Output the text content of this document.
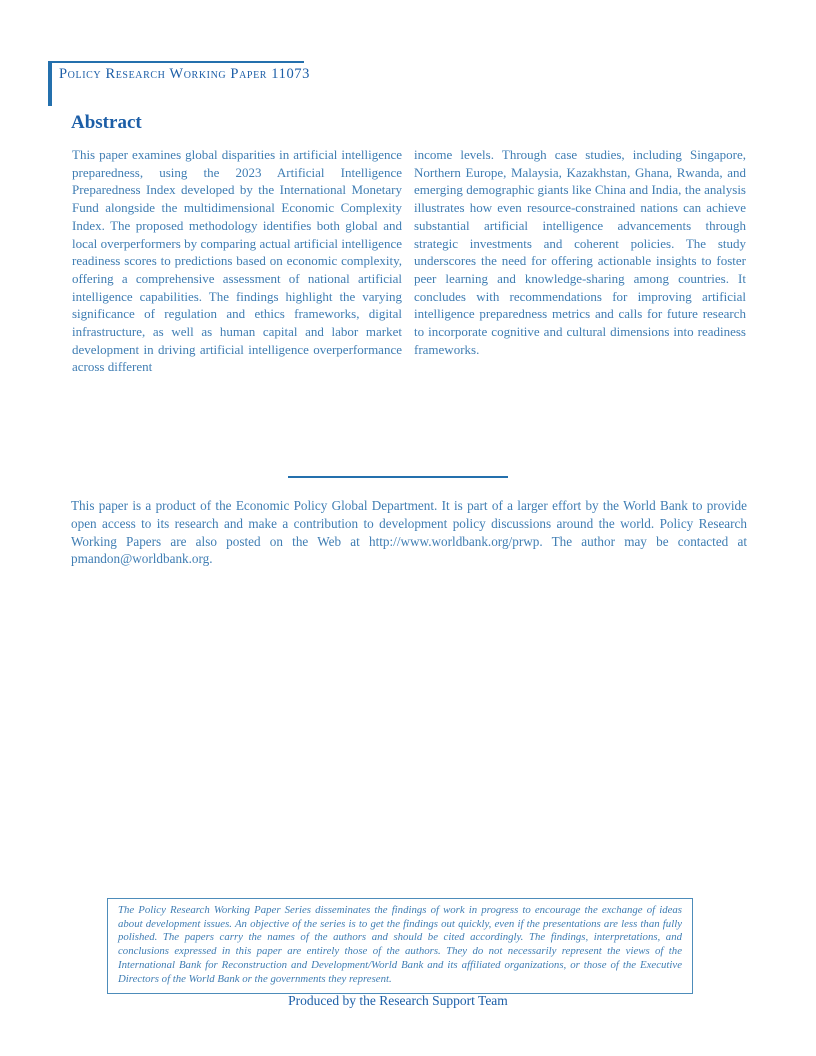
Policy Research Working Paper 11073
Abstract

This paper examines global disparities in artificial intelligence preparedness, using the 2023 Artificial Intelligence Preparedness Index developed by the International Monetary Fund alongside the multidimensional Economic Complexity Index. The proposed methodology identifies both global and local overperformers by comparing actual artificial intelligence readiness scores to predictions based on economic complexity, offering a comprehensive assessment of national artificial intelligence capabilities. The findings highlight the varying significance of regulation and ethics frameworks, digital infrastructure, as well as human capital and labor market development in driving artificial intelligence overperformance across different

income levels. Through case studies, including Singapore, Northern Europe, Malaysia, Kazakhstan, Ghana, Rwanda, and emerging demographic giants like China and India, the analysis illustrates how even resource-constrained nations can achieve substantial artificial intelligence advancements through strategic investments and coherent policies. The study underscores the need for offering actionable insights to foster peer learning and knowledge-sharing among countries. It concludes with recommendations for improving artificial intelligence preparedness metrics and calls for future research to incorporate cognitive and cultural dimensions into readiness frameworks.

This paper is a product of the Economic Policy Global Department. It is part of a larger effort by the World Bank to provide open access to its research and make a contribution to development policy discussions around the world. Policy Research Working Papers are also posted on the Web at http://www.worldbank.org/prwp. The author may be contacted at pmandon@worldbank.org.

The Policy Research Working Paper Series disseminates the findings of work in progress to encourage the exchange of ideas about development issues. An objective of the series is to get the findings out quickly, even if the presentations are less than fully polished. The papers carry the names of the authors and should be cited accordingly. The findings, interpretations, and conclusions expressed in this paper are entirely those of the authors. They do not necessarily represent the views of the International Bank for Reconstruction and Development/World Bank and its affiliated organizations, or those of the Executive Directors of the World Bank or the governments they represent.

Produced by the Research Support Team
